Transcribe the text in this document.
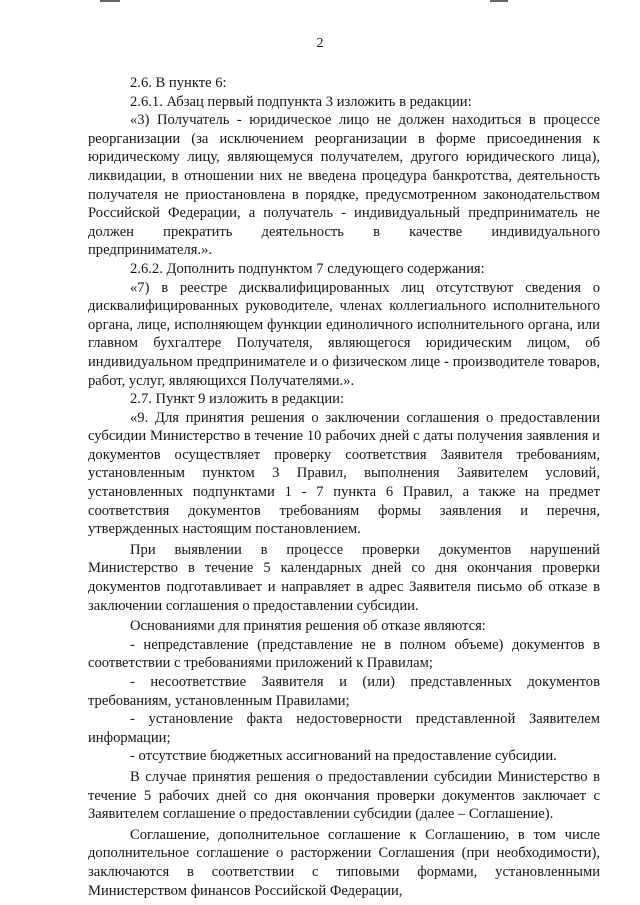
2

2.6. В пункте 6:

2.6.1. Абзац первый подпункта 3 изложить в редакции:

«3) Получатель - юридическое лицо не должен находиться в процессе реорганизации (за исключением реорганизации в форме присоединения к юридическому лицу, являющемуся получателем, другого юридического лица), ликвидации, в отношении них не введена процедура банкротства, деятельность получателя не приостановлена в порядке, предусмотренном законодательством Российской Федерации, а получатель - индивидуальный предприниматель не должен прекратить деятельность в качестве индивидуального предпринимателя.».

2.6.2. Дополнить подпунктом 7 следующего содержания:

«7) в реестре дисквалифицированных лиц отсутствуют сведения о дисквалифицированных руководителе, членах коллегиального исполнительного органа, лице, исполняющем функции единоличного исполнительного органа, или главном бухгалтере Получателя, являющегося юридическим лицом, об индивидуальном предпринимателе и о физическом лице - производителе товаров, работ, услуг, являющихся Получателями.».

2.7. Пункт 9 изложить в редакции:

«9. Для принятия решения о заключении соглашения о предоставлении субсидии Министерство в течение 10 рабочих дней с даты получения заявления и документов осуществляет проверку соответствия Заявителя требованиям, установленным пунктом 3 Правил, выполнения Заявителем условий, установленных подпунктами 1 - 7 пункта 6 Правил, а также на предмет соответствия документов требованиям формы заявления и перечня, утвержденных настоящим постановлением.

При выявлении в процессе проверки документов нарушений Министерство в течение 5 календарных дней со дня окончания проверки документов подготавливает и направляет в адрес Заявителя письмо об отказе в заключении соглашения о предоставлении субсидии.

Основаниями для принятия решения об отказе являются:

- непредставление (представление не в полном объеме) документов в соответствии с требованиями приложений к Правилам;

- несоответствие Заявителя и (или) представленных документов требованиям, установленным Правилами;

- установление факта недостоверности представленной Заявителем информации;

- отсутствие бюджетных ассигнований на предоставление субсидии.

В случае принятия решения о предоставлении субсидии Министерство в течение 5 рабочих дней со дня окончания проверки документов заключает с Заявителем соглашение о предоставлении субсидии (далее – Соглашение).

Соглашение, дополнительное соглашение к Соглашению, в том числе дополнительное соглашение о расторжении Соглашения (при необходимости), заключаются в соответствии с типовыми формами, установленными Министерством финансов Российской Федерации,
